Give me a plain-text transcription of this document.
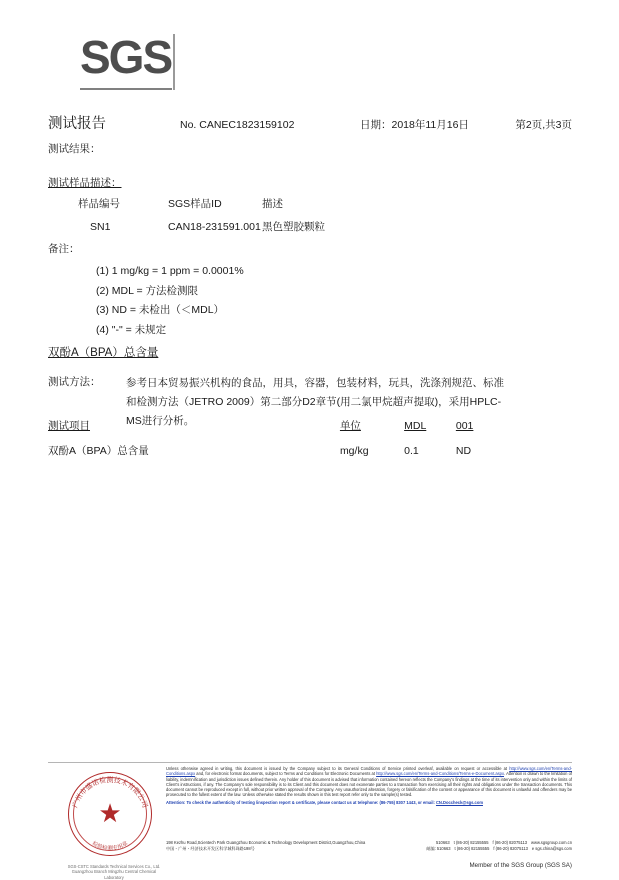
SGS
测试报告	No. CANEC1823159102	日期：2018年11月16日	第2页,共3页
测试结果：
测试样品描述：
样品编号	SGS样品ID	描述
SN1	CAN18-231591.001	黑色塑胶颗粒
备注：
(1) 1 mg/kg = 1 ppm = 0.0001%
(2) MDL = 方法检测限
(3) ND = 未检出（＜MDL）
(4) "-" = 未规定
双酚A（BPA）总含量
测试方法： 参考日本贸易振兴机构的食品，用具，容器，包装材料，玩具，洗涤剂规范、标准和检测方法（JETRO 2009）第二部分D2章节(用二氯甲烷超声提取)，采用HPLC-MS进行分析。
测试项目	单位	MDL	001
双酚A（BPA）总含量	mg/kg	0.1	ND
★
广州市盛诺检测技术有限公司
检验检测专用章
SGS-CSTC Standards Technical Services Co., Ltd.
Guangzhou Branch Mingzhu Central Chemical Laboratory
Unless otherwise agreed in writing, this document is issued by the Company subject to its General Conditions of Service printed overleaf, available on request or accessible at http://www.sgs.com/en/Terms-and-Conditions.aspx and, for electronic format documents, subject to Terms and Conditions for Electronic Documents at http://www.sgs.com/en/Terms-and-Conditions/Terms-e-Document.aspx. Attention is drawn to the limitation of liability, indemnification and jurisdiction issues defined therein. Any holder of this document is advised that information contained hereon reflects the Company's findings at the time of its intervention only and within the limits of Client's instructions, if any. The Company's sole responsibility is to its Client and this document does not exonerate parties to a transaction from exercising all their rights and obligations under the transaction documents. This document cannot be reproduced except in full, without prior written approval of the Company. Any unauthorized alteration, forgery or falsification of the content or appearance of this document is unlawful and offenders may be prosecuted to the fullest extent of the law. Unless otherwise stated the results shown in this test report refer only to the sample(s) tested.
Attention: To check the authenticity of testing /inspection report & certificate, please contact us at telephone: (86-755) 8307 1443, or email: CN.Doccheck@sgs.com
198 Kezhu Road,Scientech Park Guangzhou Economic & Technology Development District,Guangzhou,China	510663 t (86-20) 82155555 f (86-20) 82075113 www.sgsgroup.com.cn
中国・广州・经济技术开发区科学城科珠路198号	邮编: 510663 t (86-20) 82155555 f (86-20) 82075113 e sgs.china@sgs.com
Member of the SGS Group (SGS SA)
